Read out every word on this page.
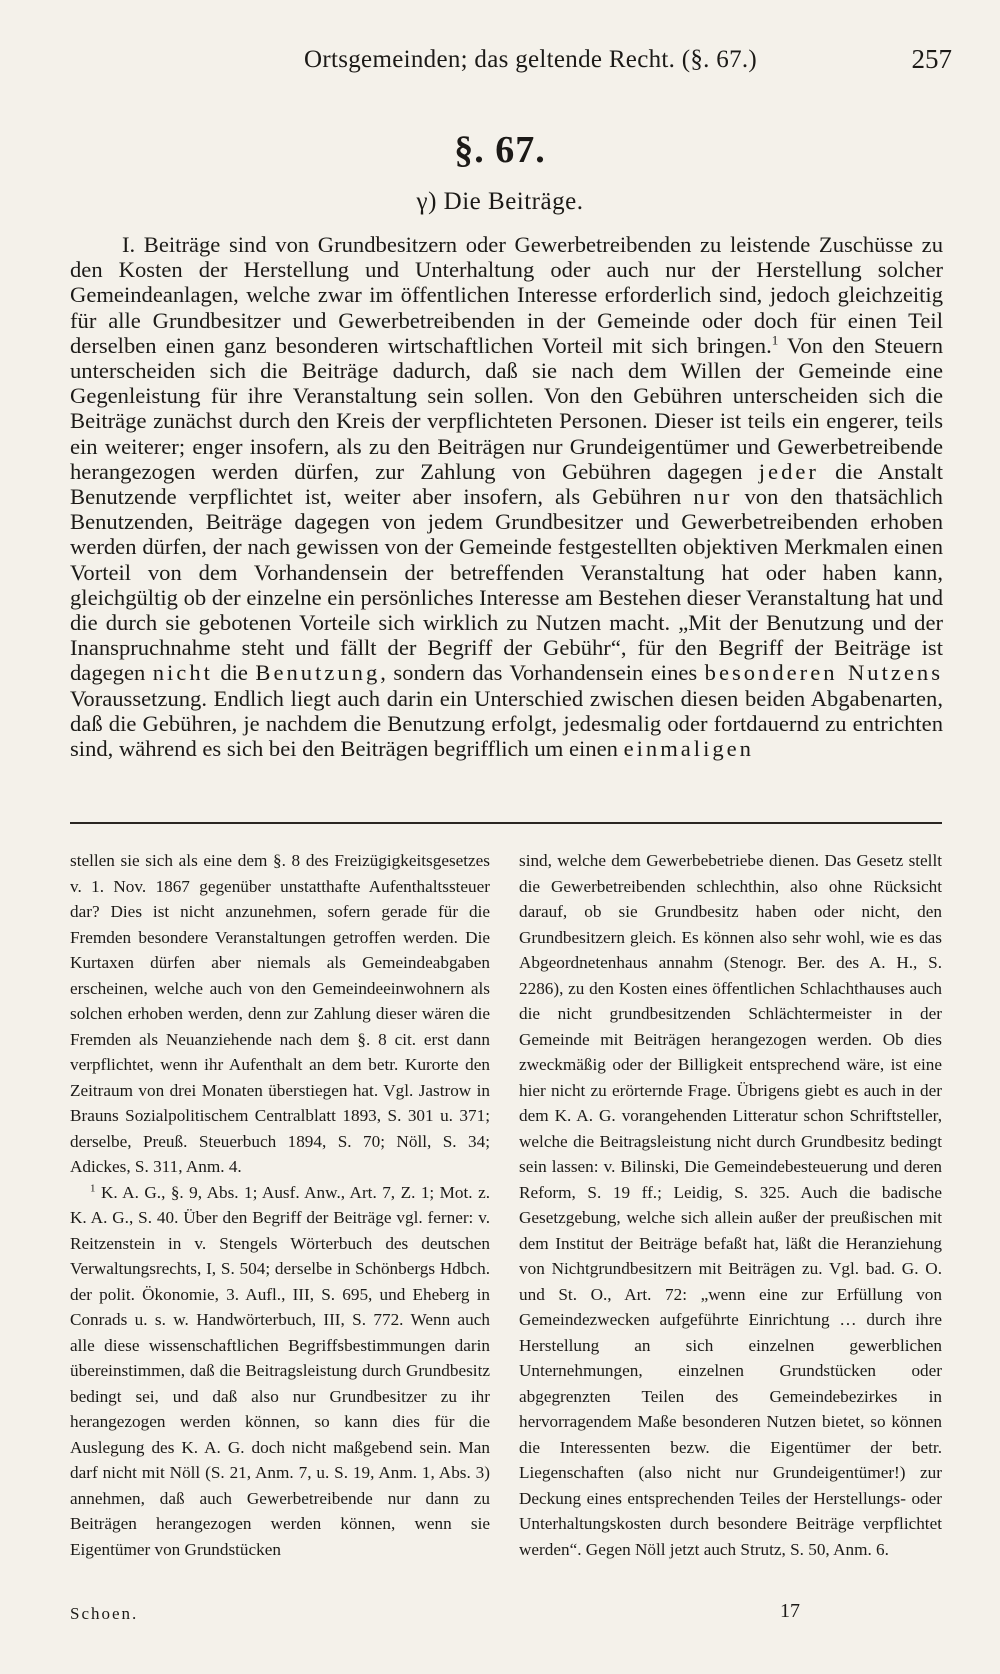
Ortsgemeinden; das geltende Recht. (§. 67.)	257
§. 67.
γ) Die Beiträge.
I. Beiträge sind von Grundbesitzern oder Gewerbetreibenden zu leistende Zuschüsse zu den Kosten der Herstellung und Unterhaltung oder auch nur der Herstellung solcher Gemeindeanlagen, welche zwar im öffentlichen Interesse erforderlich sind, jedoch gleichzeitig für alle Grundbesitzer und Gewerbetreibenden in der Gemeinde oder doch für einen Teil derselben einen ganz besonderen wirtschaftlichen Vorteil mit sich bringen.$^1$ Von den Steuern unterscheiden sich die Beiträge dadurch, daß sie nach dem Willen der Gemeinde eine Gegenleistung für ihre Veranstaltung sein sollen. Von den Gebühren unterscheiden sich die Beiträge zunächst durch den Kreis der verpflichteten Personen. Dieser ist teils ein engerer, teils ein weiterer; enger insofern, als zu den Beiträgen nur Grundeigentümer und Gewerbetreibende herangezogen werden dürfen, zur Zahlung von Gebühren dagegen jeder die Anstalt Benutzende verpflichtet ist, weiter aber insofern, als Gebühren nur von den thatsächlich Benutzenden, Beiträge dagegen von jedem Grundbesitzer und Gewerbetreibenden erhoben werden dürfen, der nach gewissen von der Gemeinde festgestellten objektiven Merkmalen einen Vorteil von dem Vorhandensein der betreffenden Veranstaltung hat oder haben kann, gleichgültig ob der einzelne ein persönliches Interesse am Bestehen dieser Veranstaltung hat und die durch sie gebotenen Vorteile sich wirklich zu Nutzen macht. „Mit der Benutzung und der Inanspruchnahme steht und fällt der Begriff der Gebühr“, für den Begriff der Beiträge ist dagegen nicht die Benutzung, sondern das Vorhandensein eines besonderen Nutzens Voraussetzung. Endlich liegt auch darin ein Unterschied zwischen diesen beiden Abgabenarten, daß die Gebühren, je nachdem die Benutzung erfolgt, jedesmalig oder fortdauernd zu entrichten sind, während es sich bei den Beiträgen begrifflich um einen einmaligen

stellen sie sich als eine dem §. 8 des Freizügigkeitsgesetzes v. 1. Nov. 1867 gegenüber unstatthafte Aufenthaltssteuer dar? Dies ist nicht anzunehmen, sofern gerade für die Fremden besondere Veranstaltungen getroffen werden. Die Kurtaxen dürfen aber niemals als Gemeindeabgaben erscheinen, welche auch von den Gemeindeeinwohnern als solchen erhoben werden, denn zur Zahlung dieser wären die Fremden als Neuanziehende nach dem §. 8 cit. erst dann verpflichtet, wenn ihr Aufenthalt an dem betr. Kurorte den Zeitraum von drei Monaten überstiegen hat. Vgl. Jastrow in Brauns Sozialpolitischem Centralblatt 1893, S. 301 u. 371; derselbe, Preuß. Steuerbuch 1894, S. 70; Nöll, S. 34; Adickes, S. 311, Anm. 4.

$^1$ K. A. G., §. 9, Abs. 1; Ausf. Anw., Art. 7, Z. 1; Mot. z. K. A. G., S. 40. Über den Begriff der Beiträge vgl. ferner: v. Reitzenstein in v. Stengels Wörterbuch des deutschen Verwaltungsrechts, I, S. 504; derselbe in Schönbergs Hdbch. der polit. Ökonomie, 3. Aufl., III, S. 695, und Eheberg in Conrads u. s. w. Handwörterbuch, III, S. 772. Wenn auch alle diese wissenschaftlichen Begriffsbestimmungen darin übereinstimmen, daß die Beitragsleistung durch Grundbesitz bedingt sei, und daß also nur Grundbesitzer zu ihr herangezogen werden können, so kann dies für die Auslegung des K. A. G. doch nicht maßgebend sein. Man darf nicht mit Nöll (S. 21, Anm. 7, u. S. 19, Anm. 1, Abs. 3) annehmen, daß auch Gewerbetreibende nur dann zu Beiträgen herangezogen werden können, wenn sie Eigentümer von Grundstücken

sind, welche dem Gewerbebetriebe dienen. Das Gesetz stellt die Gewerbetreibenden schlechthin, also ohne Rücksicht darauf, ob sie Grundbesitz haben oder nicht, den Grundbesitzern gleich. Es können also sehr wohl, wie es das Abgeordnetenhaus annahm (Stenogr. Ber. des A. H., S. 2286), zu den Kosten eines öffentlichen Schlachthauses auch die nicht grundbesitzenden Schlächtermeister in der Gemeinde mit Beiträgen herangezogen werden. Ob dies zweckmäßig oder der Billigkeit entsprechend wäre, ist eine hier nicht zu erörternde Frage. Übrigens giebt es auch in der dem K. A. G. vorangehenden Litteratur schon Schriftsteller, welche die Beitragsleistung nicht durch Grundbesitz bedingt sein lassen: v. Bilinski, Die Gemeindebesteuerung und deren Reform, S. 19 ff.; Leidig, S. 325. Auch die badische Gesetzgebung, welche sich allein außer der preußischen mit dem Institut der Beiträge befaßt hat, läßt die Heranziehung von Nichtgrundbesitzern mit Beiträgen zu. Vgl. bad. G. O. und St. O., Art. 72: „wenn eine zur Erfüllung von Gemeindezwecken aufgeführte Einrichtung … durch ihre Herstellung an sich einzelnen gewerblichen Unternehmungen, einzelnen Grundstücken oder abgegrenzten Teilen des Gemeindebezirkes in hervorragendem Maße besonderen Nutzen bietet, so können die Interessenten bezw. die Eigentümer der betr. Liegenschaften (also nicht nur Grundeigentümer!) zur Deckung eines entsprechenden Teiles der Herstellungs- oder Unterhaltungskosten durch besondere Beiträge verpflichtet werden“. Gegen Nöll jetzt auch Strutz, S. 50, Anm. 6.

Schoen.	17
